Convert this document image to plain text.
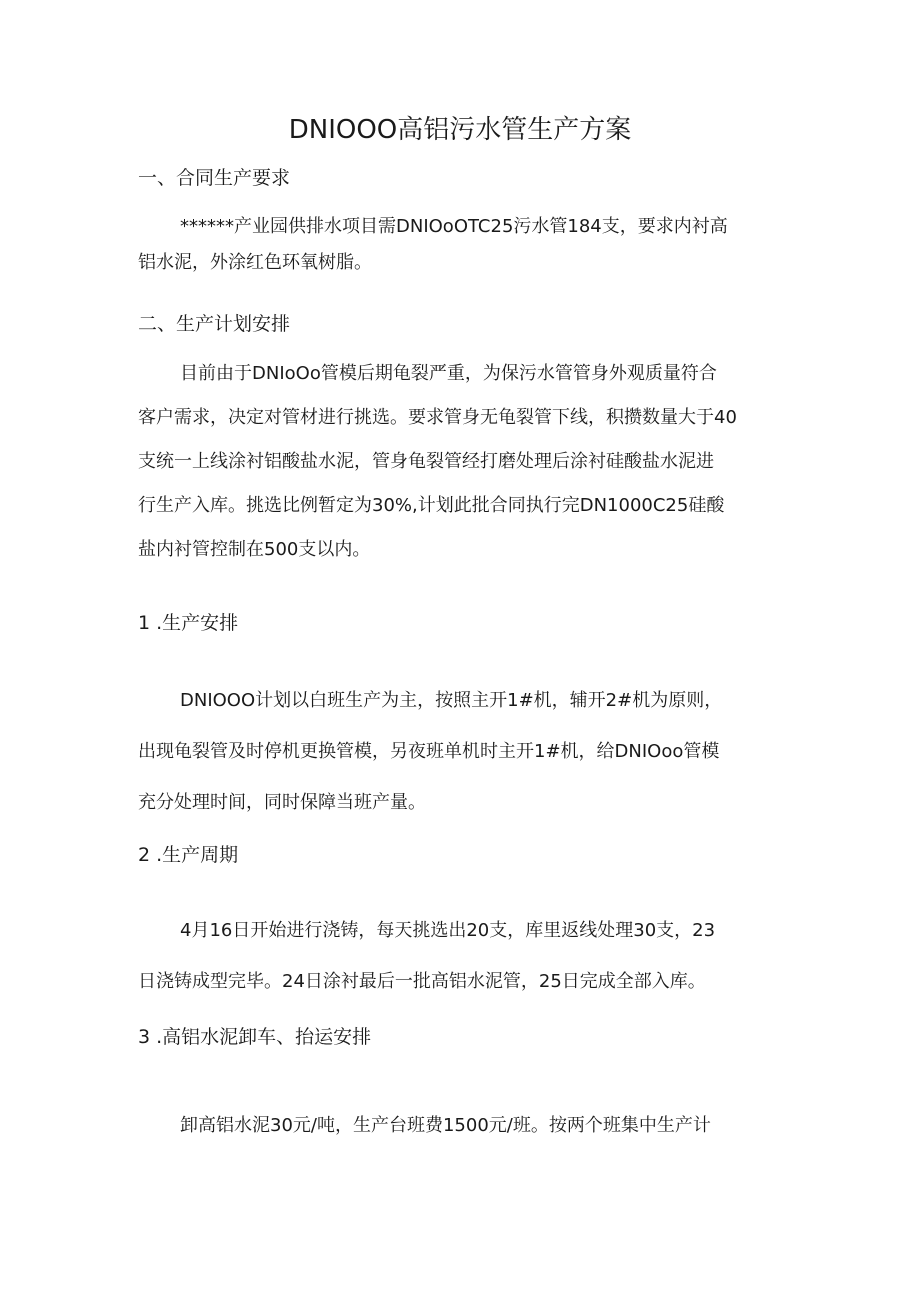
DNIOOO高铝污水管生产方案
一、合同生产要求
******产业园供排水项目需DNIOoOTC25污水管184支，要求内衬高
铝水泥，外涂红色环氧树脂。
二、生产计划安排
目前由于DNIoOo管模后期龟裂严重，为保污水管管身外观质量符合
客户需求，决定对管材进行挑选。要求管身无龟裂管下线，积攒数量大于40
支统一上线涂衬铝酸盐水泥，管身龟裂管经打磨处理后涂衬硅酸盐水泥进
行生产入库。挑选比例暂定为30%,计划此批合同执行完DN1000C25硅酸
盐内衬管控制在500支以内。
1 .生产安排
DNIOOO计划以白班生产为主，按照主开1#机，辅开2#机为原则，
出现龟裂管及时停机更换管模，另夜班单机时主开1#机，给DNIOoo管模
充分处理时间，同时保障当班产量。
2 .生产周期
4月16日开始进行浇铸，每天挑选出20支，库里返线处理30支，23
日浇铸成型完毕。24日涂衬最后一批高铝水泥管，25日完成全部入库。
3 .高铝水泥卸车、抬运安排
卸高铝水泥30元/吨，生产台班费1500元/班。按两个班集中生产计
